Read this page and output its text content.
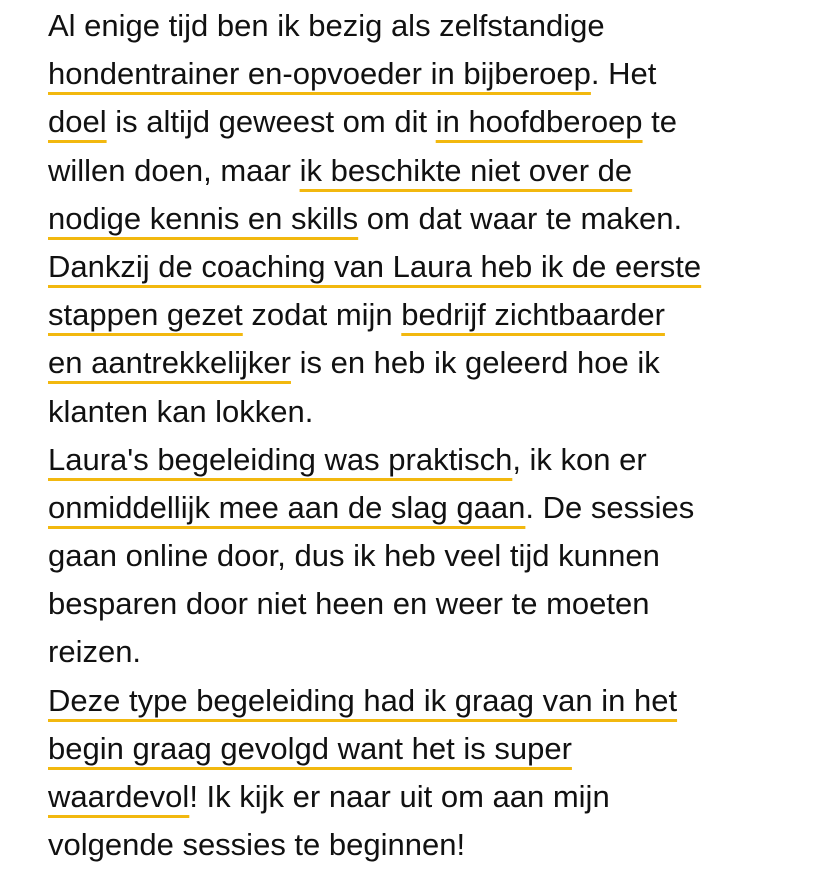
Al enige tijd ben ik bezig als zelfstandige
hondentrainer en-opvoeder in bijberoep. Het
doel is altijd geweest om dit in hoofdberoep te
willen doen, maar ik beschikte niet over de
nodige kennis en skills om dat waar te maken.
Dankzij de coaching van Laura heb ik de eerste
stappen gezet zodat mijn bedrijf zichtbaarder
en aantrekkelijker is en heb ik geleerd hoe ik
klanten kan lokken.
Laura's begeleiding was praktisch, ik kon er
onmiddellijk mee aan de slag gaan. De sessies
gaan online door, dus ik heb veel tijd kunnen
besparen door niet heen en weer te moeten
reizen.
Deze type begeleiding had ik graag van in het
begin graag gevolgd want het is super
waardevol! Ik kijk er naar uit om aan mijn
volgende sessies te beginnen!
